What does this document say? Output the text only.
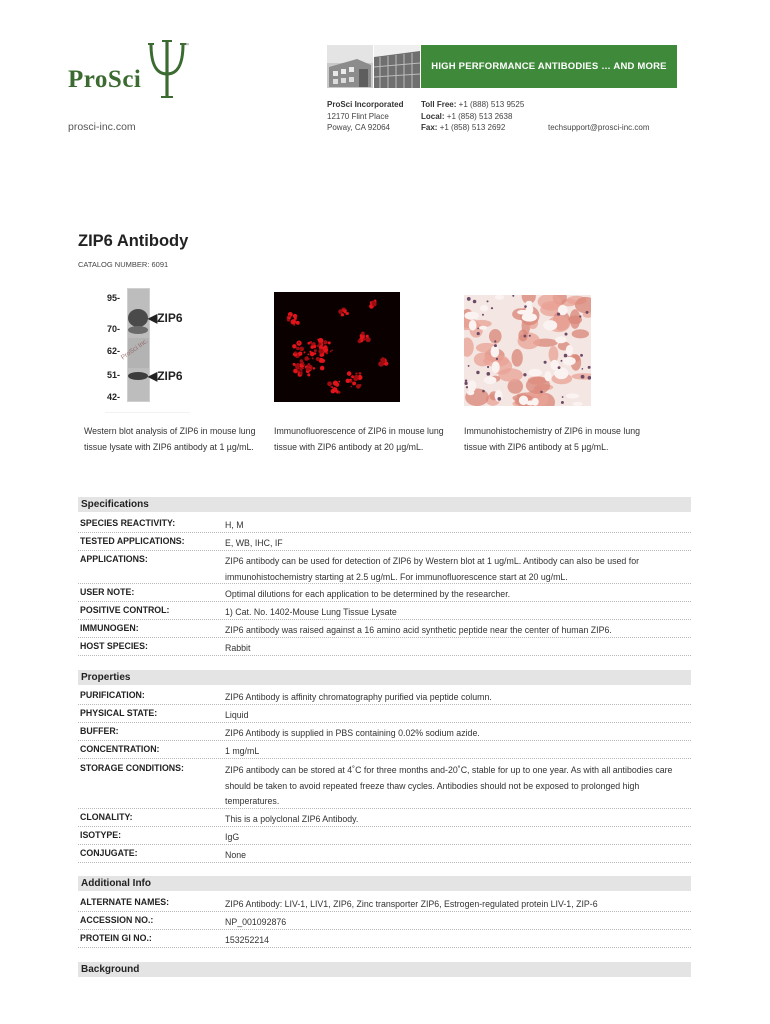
ProSci
™
prosci-inc.com
HIGH PERFORMANCE ANTIBODIES … AND MORE
ProSci Incorporated
12170 Flint Place
Poway, CA 92064
Toll Free: +1 (888) 513 9525
Local: +1 (858) 513 2638
Fax: +1 (858) 513 2692	techsupport@prosci-inc.com
ZIP6 Antibody
CATALOG NUMBER: 6091
95-
70-
62-
51-
42-
◀ZIP6
◀ZIP6
ProSci Inc.
Western blot analysis of ZIP6 in mouse lung tissue lysate with ZIP6 antibody at 1 µg/mL.
Immunofluorescence of ZIP6 in mouse lung tissue with ZIP6 antibody at 20 µg/mL.
Immunohistochemistry of ZIP6 in mouse lung tissue with ZIP6 antibody at 5 µg/mL.
Specifications
SPECIES REACTIVITY:	H, M
TESTED APPLICATIONS:	E, WB, IHC, IF
APPLICATIONS:	ZIP6 antibody can be used for detection of ZIP6 by Western blot at 1 ug/mL. Antibody can also be used for immunohistochemistry starting at 2.5 ug/mL. For immunofluorescence start at 20 ug/mL.
USER NOTE:	Optimal dilutions for each application to be determined by the researcher.
POSITIVE CONTROL:	1) Cat. No. 1402-Mouse Lung Tissue Lysate
IMMUNOGEN:	ZIP6 antibody was raised against a 16 amino acid synthetic peptide near the center of human ZIP6.
HOST SPECIES:	Rabbit
Properties
PURIFICATION:	ZIP6 Antibody is affinity chromatography purified via peptide column.
PHYSICAL STATE:	Liquid
BUFFER:	ZIP6 Antibody is supplied in PBS containing 0.02% sodium azide.
CONCENTRATION:	1 mg/mL
STORAGE CONDITIONS:	ZIP6 antibody can be stored at 4˚C for three months and-20˚C, stable for up to one year. As with all antibodies care should be taken to avoid repeated freeze thaw cycles. Antibodies should not be exposed to prolonged high temperatures.
CLONALITY:	This is a polyclonal ZIP6 Antibody.
ISOTYPE:	IgG
CONJUGATE:	None
Additional Info
ALTERNATE NAMES:	ZIP6 Antibody: LIV-1, LIV1, ZIP6, Zinc transporter ZIP6, Estrogen-regulated protein LIV-1, ZIP-6
ACCESSION NO.:	NP_001092876
PROTEIN GI NO.:	153252214
Background
